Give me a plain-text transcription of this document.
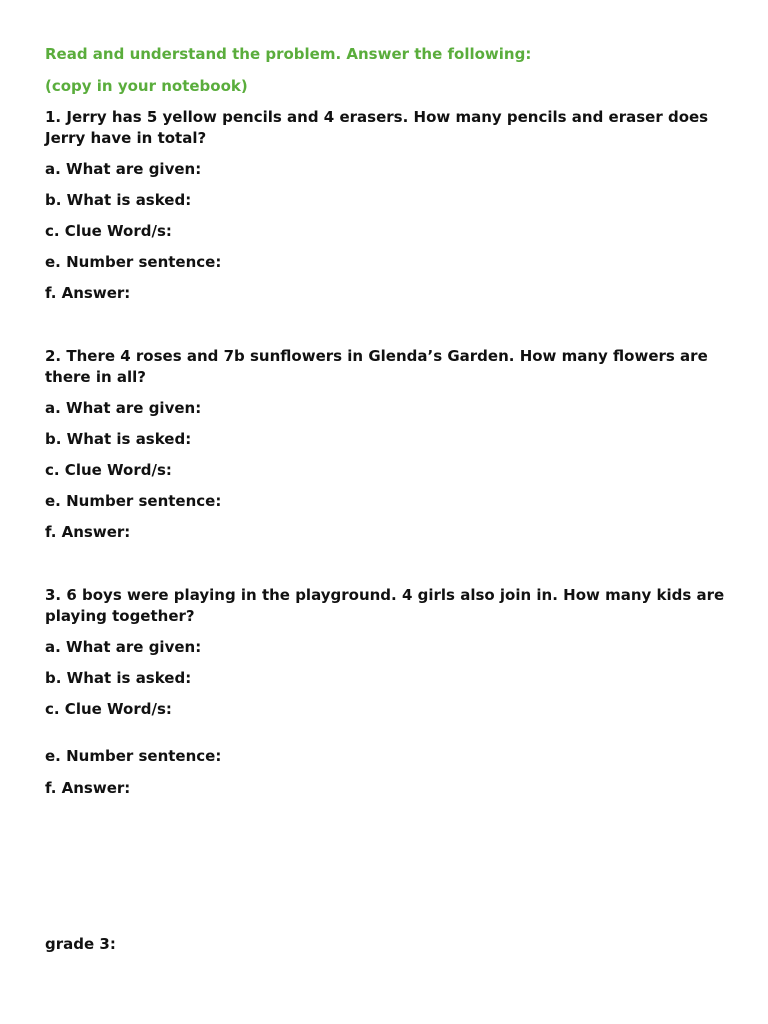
Read and understand the problem. Answer the following:

(copy in your notebook)

1. Jerry has 5 yellow pencils and 4 erasers. How many pencils and eraser does Jerry have in total?

a. What are given:

b. What is asked:

c. Clue Word/s:

e. Number sentence:

f. Answer:

2. There 4 roses and 7b sunflowers in Glenda’s Garden. How many flowers are there in all?

a. What are given:

b. What is asked:

c. Clue Word/s:

e. Number sentence:

f. Answer:

3. 6 boys were playing in the playground. 4 girls also join in. How many kids are playing together?

a. What are given:

b. What is asked:

c. Clue Word/s:

e. Number sentence:

f. Answer:

grade 3:
